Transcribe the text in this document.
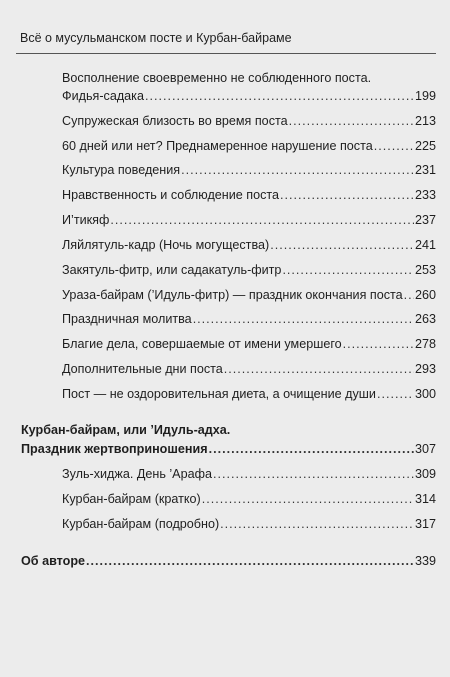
Всё о мусульманском посте и Курбан-байраме
Восполнение своевременно не соблюденного поста.
Фидья-садака .....	199
Супружеская близость во время поста .....	213
60 дней или нет? Преднамеренное нарушение поста .....	225
Культура поведения .....	231
Нравственность и соблюдение поста .....	233
И’тикяф .....	237
Ляйлятуль-кадр (Ночь могущества) .....	241
Закятуль-фитр, или садакатуль-фитр .....	253
Ураза-байрам (’Идуль-фитр) — праздник окончания поста ..... 260
Праздничная молитва .....	263
Благие дела, совершаемые от имени умершего .....	278
Дополнительные дни поста .....	293
Пост — не оздоровительная диета, а очищение души .....	300
Курбан-байрам, или ’Идуль-адха.
Праздник жертвоприношения .....	307
Зуль-хиджа. День ’Арафа .....	309
Курбан-байрам (кратко) .....	314
Курбан-байрам (подробно) .....	317
Об авторе .....	339
